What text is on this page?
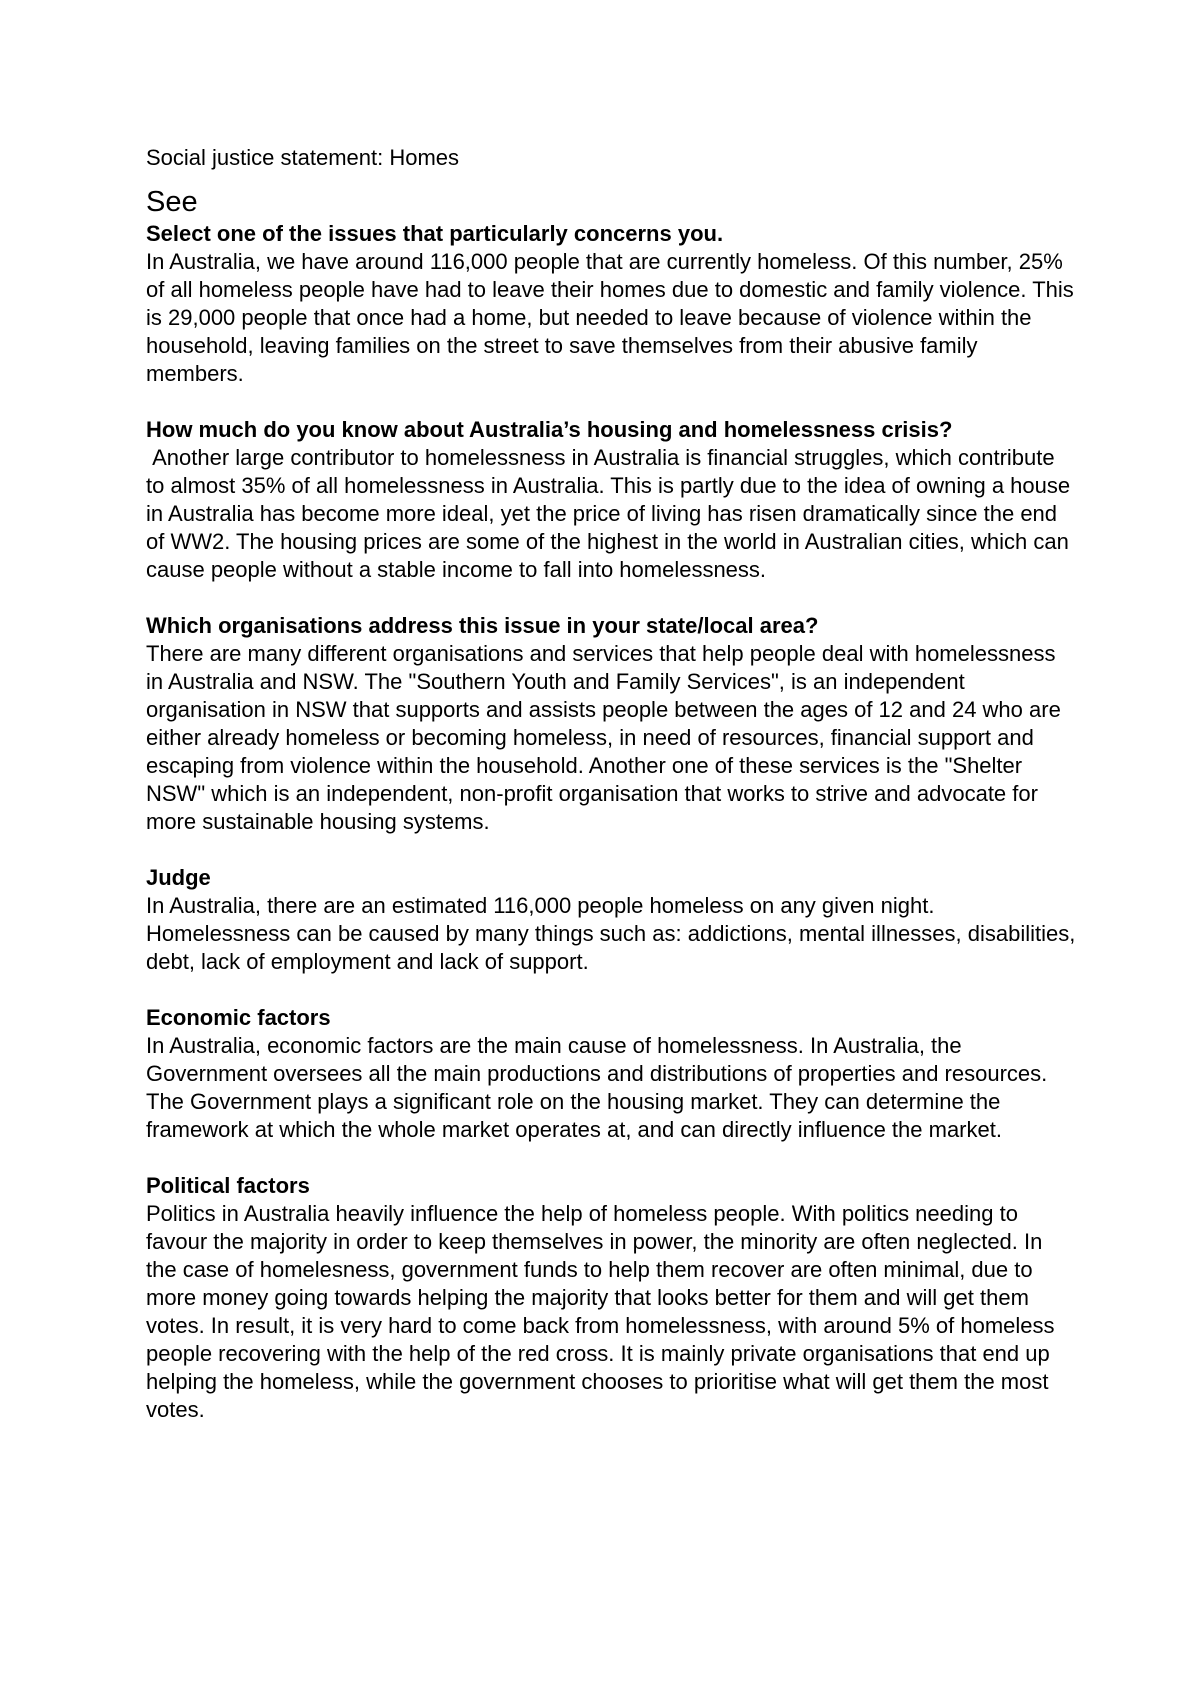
Social justice statement: Homes

See
Select one of the issues that particularly concerns you.

In Australia, we have around 116,000 people that are currently homeless. Of this number, 25% of all homeless people have had to leave their homes due to domestic and family violence. This is 29,000 people that once had a home, but needed to leave because of violence within the household, leaving families on the street to save themselves from their abusive family members.

How much do you know about Australia’s housing and homelessness crisis?

Another large contributor to homelessness in Australia is financial struggles, which contribute to almost 35% of all homelessness in Australia. This is partly due to the idea of owning a house in Australia has become more ideal, yet the price of living has risen dramatically since the end of WW2. The housing prices are some of the highest in the world in Australian cities, which can cause people without a stable income to fall into homelessness.

Which organisations address this issue in your state/local area?

There are many different organisations and services that help people deal with homelessness in Australia and NSW. The "Southern Youth and Family Services", is an independent organisation in NSW that supports and assists people between the ages of 12 and 24 who are either already homeless or becoming homeless, in need of resources, financial support and escaping from violence within the household. Another one of these services is the "Shelter NSW" which is an independent, non-profit organisation that works to strive and advocate for more sustainable housing systems.

Judge

In Australia, there are an estimated 116,000 people homeless on any given night. Homelessness can be caused by many things such as: addictions, mental illnesses, disabilities, debt, lack of employment and lack of support.

Economic factors

In Australia, economic factors are the main cause of homelessness. In Australia, the Government oversees all the main productions and distributions of properties and resources. The Government plays a significant role on the housing market. They can determine the framework at which the whole market operates at, and can directly influence the market.

Political factors

Politics in Australia heavily influence the help of homeless people. With politics needing to favour the majority in order to keep themselves in power, the minority are often neglected. In the case of homelesness, government funds to help them recover are often minimal, due to more money going towards helping the majority that looks better for them and will get them votes. In result, it is very hard to come back from homelessness, with around 5% of homeless people recovering with the help of the red cross. It is mainly private organisations that end up helping the homeless, while the government chooses to prioritise what will get them the most votes.
